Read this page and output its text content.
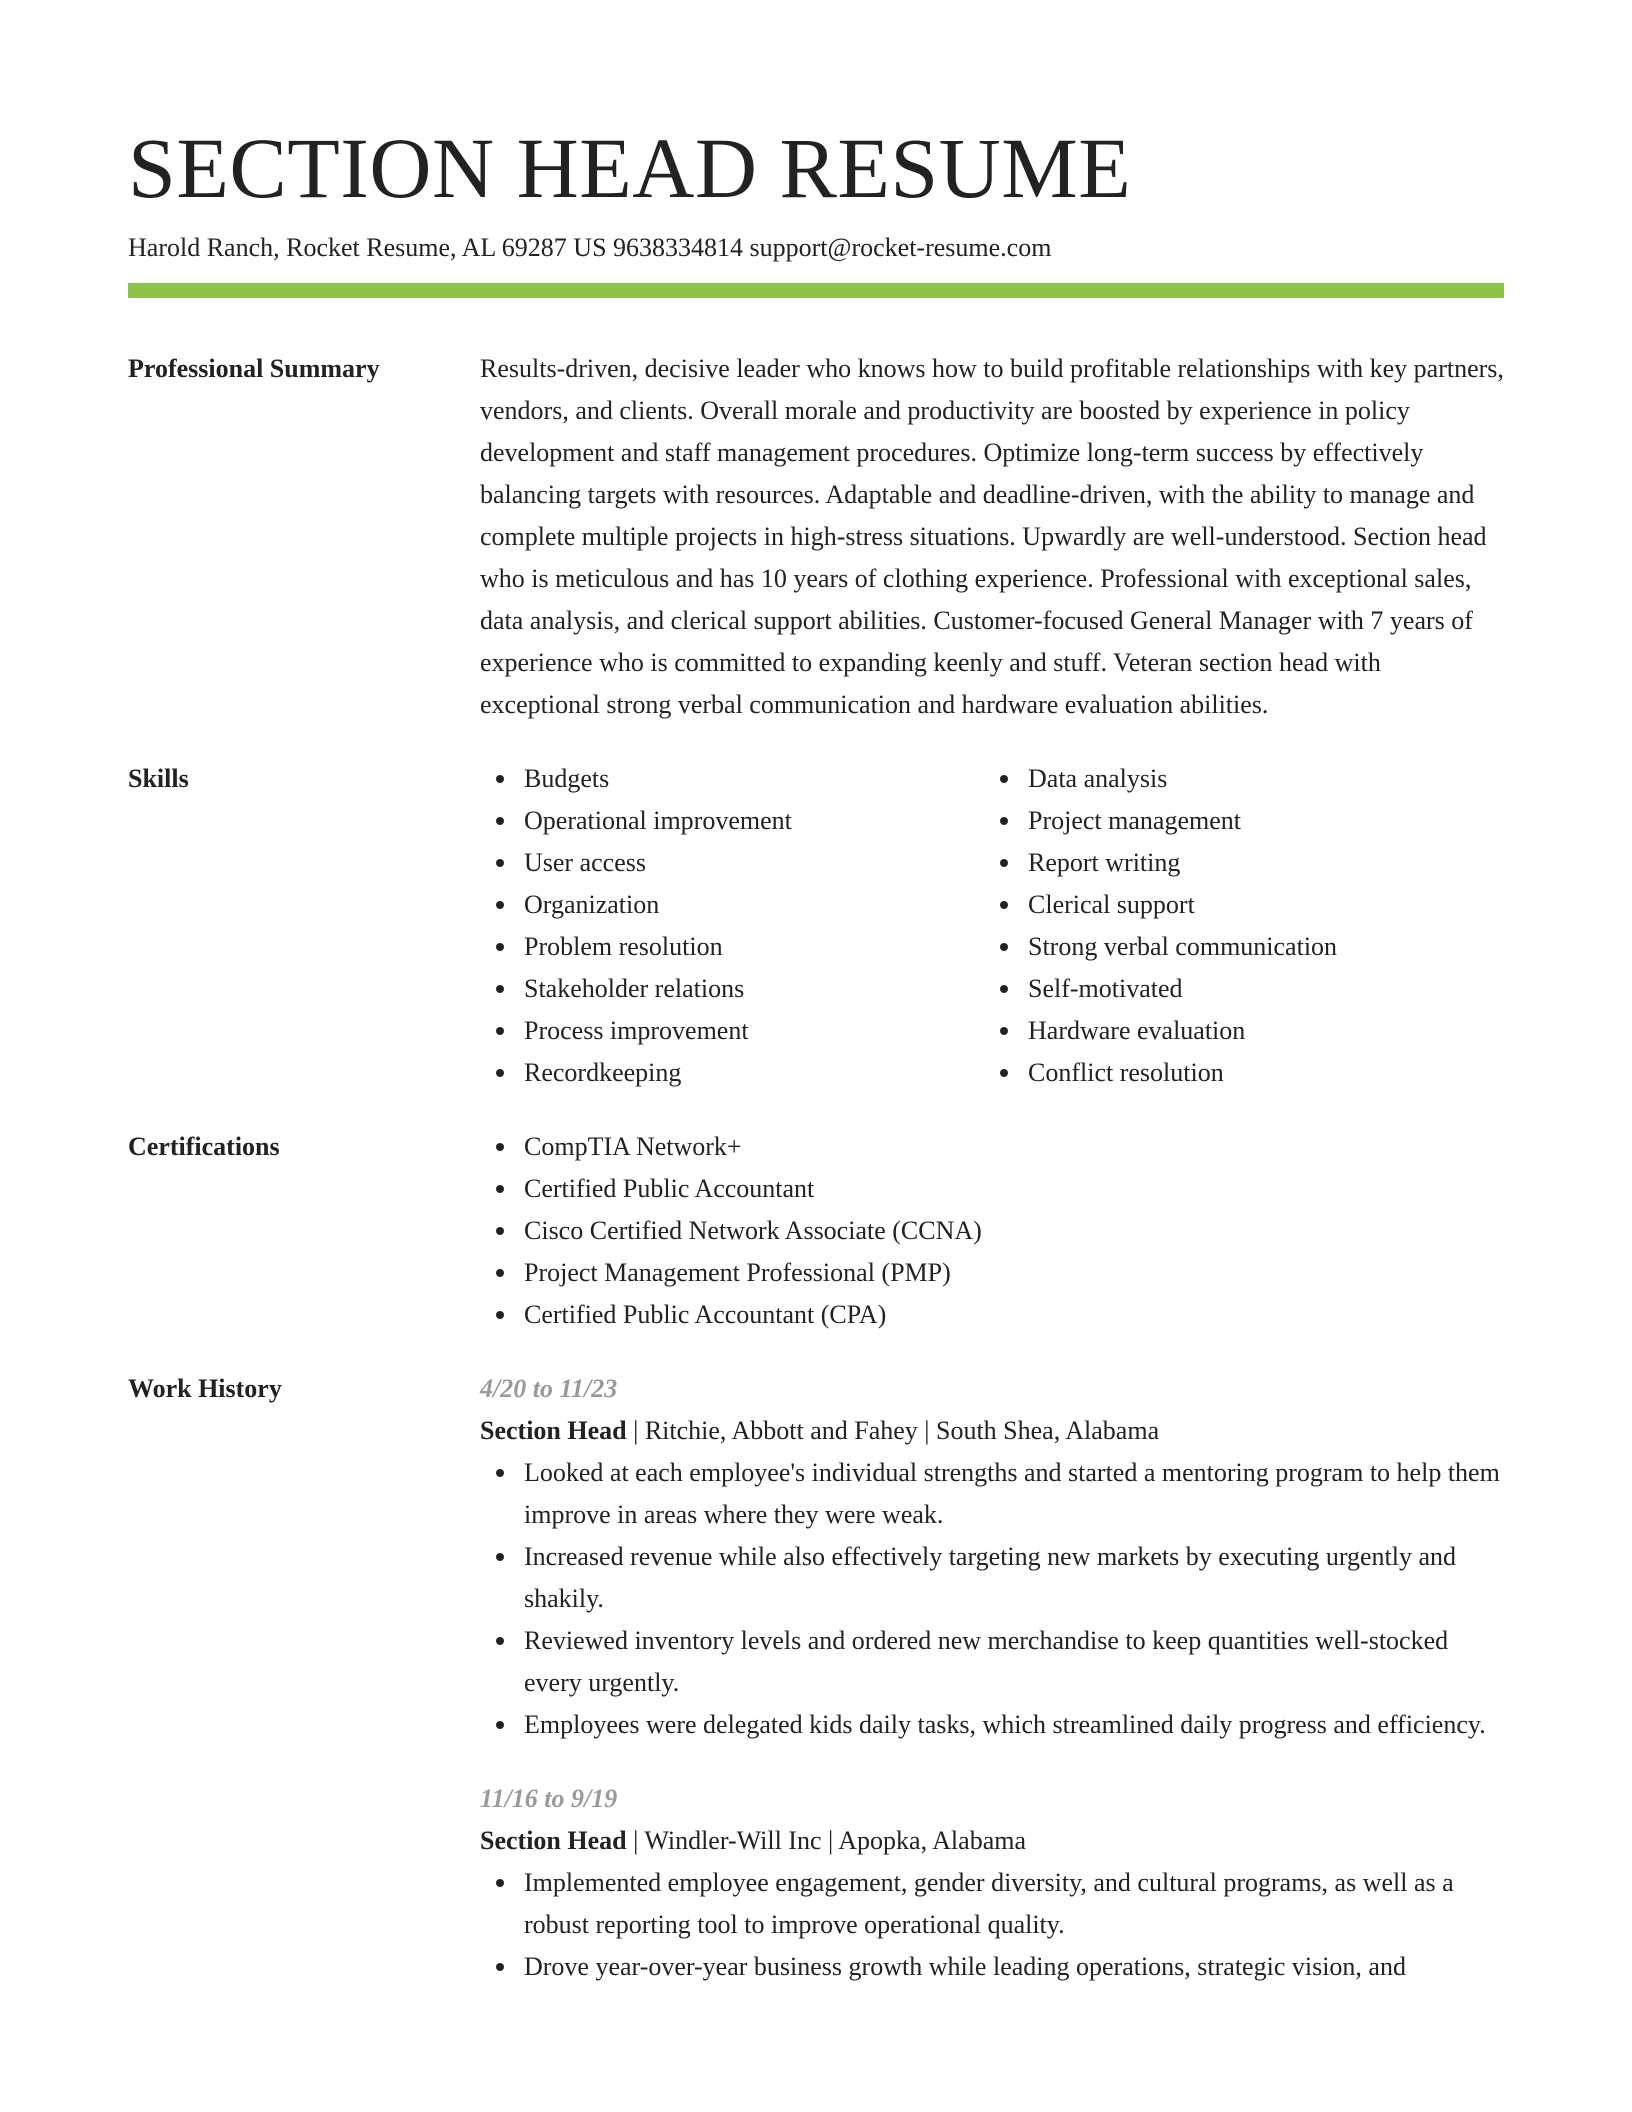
SECTION HEAD RESUME
Harold Ranch, Rocket Resume, AL 69287 US 9638334814 support@rocket-resume.com
Professional Summary	Results-driven, decisive leader who knows how to build profitable relationships with key partners, vendors, and clients. Overall morale and productivity are boosted by experience in policy development and staff management procedures. Optimize long-term success by effectively balancing targets with resources. Adaptable and deadline-driven, with the ability to manage and complete multiple projects in high-stress situations. Upwardly are well-understood. Section head who is meticulous and has 10 years of clothing experience. Professional with exceptional sales, data analysis, and clerical support abilities. Customer-focused General Manager with 7 years of experience who is committed to expanding keenly and stuff. Veteran section head with exceptional strong verbal communication and hardware evaluation abilities.
Skills	Budgets
Operational improvement
User access
Organization
Problem resolution
Stakeholder relations
Process improvement
Recordkeeping
Data analysis
Project management
Report writing
Clerical support
Strong verbal communication
Self-motivated
Hardware evaluation
Conflict resolution
Certifications	CompTIA Network+
Certified Public Accountant
Cisco Certified Network Associate (CCNA)
Project Management Professional (PMP)
Certified Public Accountant (CPA)
Work History	4/20 to 11/23
Section Head | Ritchie, Abbott and Fahey | South Shea, Alabama
Looked at each employee's individual strengths and started a mentoring program to help them improve in areas where they were weak.
Increased revenue while also effectively targeting new markets by executing urgently and shakily.
Reviewed inventory levels and ordered new merchandise to keep quantities well-stocked every urgently.
Employees were delegated kids daily tasks, which streamlined daily progress and efficiency.
11/16 to 9/19
Section Head | Windler-Will Inc | Apopka, Alabama
Implemented employee engagement, gender diversity, and cultural programs, as well as a robust reporting tool to improve operational quality.
Drove year-over-year business growth while leading operations, strategic vision, and
